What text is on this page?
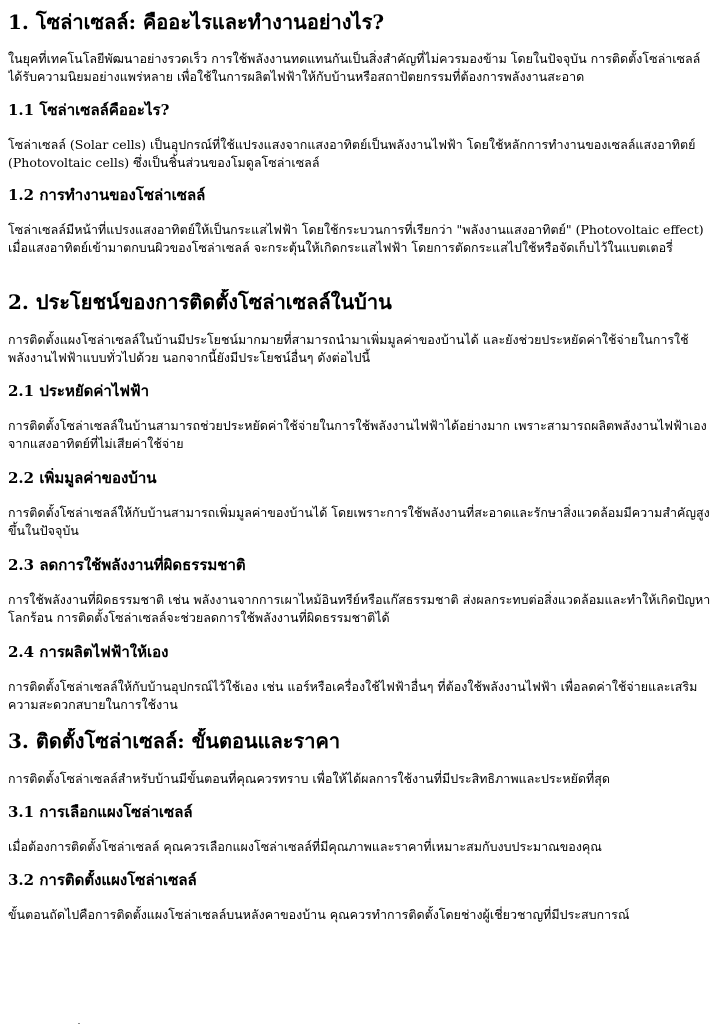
1. โซล่าเซลล์: คืออะไรและทำงานอย่างไร?

ในยุคที่เทคโนโลยีพัฒนาอย่างรวดเร็ว การใช้พลังงานทดแทนกันเป็นสิ่งสำคัญที่ไม่ควรมองข้าม โดยในปัจจุบัน การติดตั้งโซล่าเซลล์ได้รับความนิยมอย่างแพร่หลาย เพื่อใช้ในการผลิตไฟฟ้าให้กับบ้านหรือสถาปัตยกรรมที่ต้องการพลังงานสะอาด

1.1 โซล่าเซลล์คืออะไร?

โซล่าเซลล์ (Solar cells) เป็นอุปกรณ์ที่ใช้แปรงแสงจากแสงอาทิตย์เป็นพลังงานไฟฟ้า โดยใช้หลักการทำงานของเซลล์แสงอาทิตย์ (Photovoltaic cells) ซึ่งเป็นชิ้นส่วนของโมดูลโซล่าเซลล์

1.2 การทำงานของโซล่าเซลล์

โซล่าเซลล์มีหน้าที่แปรงแสงอาทิตย์ให้เป็นกระแสไฟฟ้า โดยใช้กระบวนการที่เรียกว่า "พลังงานแสงอาทิตย์" (Photovoltaic effect) เมื่อแสงอาทิตย์เข้ามาตกบนผิวของโซล่าเซลล์ จะกระตุ้นให้เกิดกระแสไฟฟ้า โดยการตัดกระแสไปใช้หรือจัดเก็บไว้ในแบตเตอรี่

2. ประโยชน์ของการติดตั้งโซล่าเซลล์ในบ้าน

การติดตั้งแผงโซล่าเซลล์ในบ้านมีประโยชน์มากมายที่สามารถนำมาเพิ่มมูลค่าของบ้านได้ และยังช่วยประหยัดค่าใช้จ่ายในการใช้พลังงานไฟฟ้าแบบทั่วไปด้วย นอกจากนี้ยังมีประโยชน์อื่นๆ ดังต่อไปนี้

2.1 ประหยัดค่าไฟฟ้า

การติดตั้งโซล่าเซลล์ในบ้านสามารถช่วยประหยัดค่าใช้จ่ายในการใช้พลังงานไฟฟ้าได้อย่างมาก เพราะสามารถผลิตพลังงานไฟฟ้าเองจากแสงอาทิตย์ที่ไม่เสียค่าใช้จ่าย

2.2 เพิ่มมูลค่าของบ้าน

การติดตั้งโซล่าเซลล์ให้กับบ้านสามารถเพิ่มมูลค่าของบ้านได้ โดยเพราะการใช้พลังงานที่สะอาดและรักษาสิ่งแวดล้อมมีความสำคัญสูงขึ้นในปัจจุบัน

2.3 ลดการใช้พลังงานที่ผิดธรรมชาติ

การใช้พลังงานที่ผิดธรรมชาติ เช่น พลังงานจากการเผาไหม้อินทรีย์หรือแก๊สธรรมชาติ ส่งผลกระทบต่อสิ่งแวดล้อมและทำให้เกิดปัญหาโลกร้อน การติดตั้งโซล่าเซลล์จะช่วยลดการใช้พลังงานที่ผิดธรรมชาติได้

2.4 การผลิตไฟฟ้าให้เอง

การติดตั้งโซล่าเซลล์ให้กับบ้านอุปกรณ์ไว้ใช้เอง เช่น แอร์หรือเครื่องใช้ไฟฟ้าอื่นๆ ที่ต้องใช้พลังงานไฟฟ้า เพื่อลดค่าใช้จ่ายและเสริมความสะดวกสบายในการใช้งาน

3. ติดตั้งโซล่าเซลล์: ขั้นตอนและราคา

การติดตั้งโซล่าเซลล์สำหรับบ้านมีขั้นตอนที่คุณควรทราบ เพื่อให้ได้ผลการใช้งานที่มีประสิทธิภาพและประหยัดที่สุด

3.1 การเลือกแผงโซล่าเซลล์

เมื่อต้องการติดตั้งโซล่าเซลล์ คุณควรเลือกแผงโซล่าเซลล์ที่มีคุณภาพและราคาที่เหมาะสมกับงบประมาณของคุณ

3.2 การติดตั้งแผงโซล่าเซลล์

ขั้นตอนถัดไปคือการติดตั้งแผงโซล่าเซลล์บนหลังคาของบ้าน คุณควรทำการติดตั้งโดยช่างผู้เชี่ยวชาญที่มีประสบการณ์
